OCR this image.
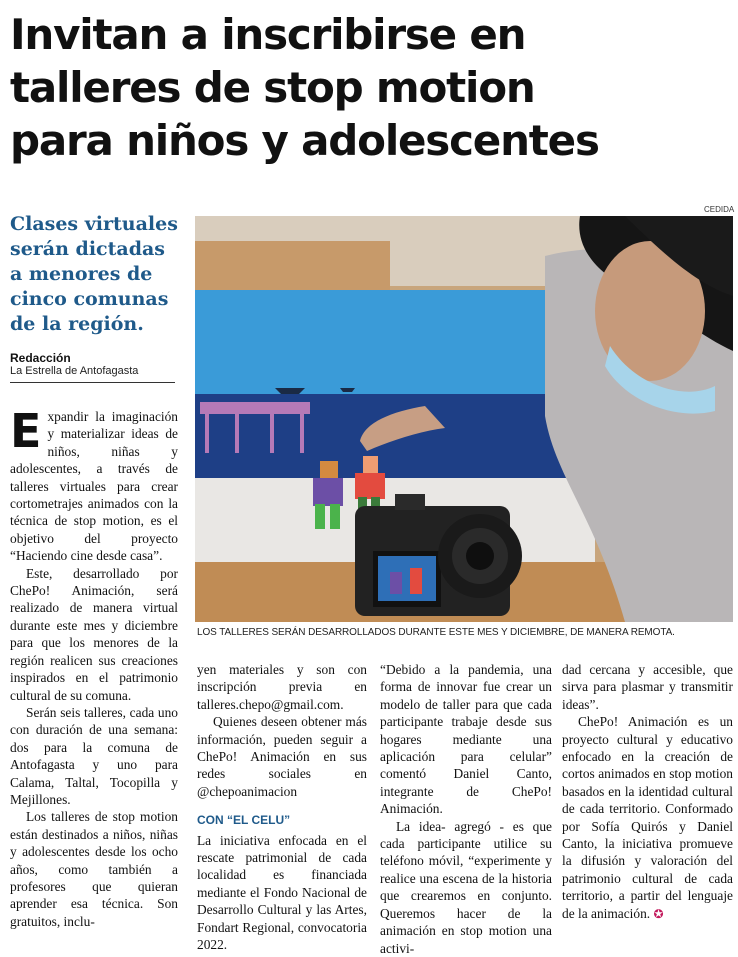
Invitan a inscribirse en
talleres de stop motion
para niños y adolescentes
CEDIDA
Clases virtuales serán dictadas a menores de cinco comunas de la región.
Redacción
La Estrella de Antofagasta
LOS TALLERES SERÁN DESARROLLADOS DURANTE ESTE MES Y DICIEMBRE, DE MANERA REMOTA.

Expandir la imaginación y materializar ideas de niños, niñas y adolescentes, a través de talleres virtuales para crear cortometrajes animados con la técnica de stop motion, es el objetivo del proyecto “Haciendo cine desde casa”.

Este, desarrollado por ChePo! Animación, será realizado de manera virtual durante este mes y diciembre para que los menores de la región realicen sus creaciones inspirados en el patrimonio cultural de su comuna.

Serán seis talleres, cada uno con duración de una semana: dos para la comuna de Antofagasta y uno para Calama, Taltal, Tocopilla y Mejillones.

Los talleres de stop motion están destinados a niños, niñas y adolescentes desde los ocho años, como también a profesores que quieran aprender esa técnica. Son gratuitos, inclu-

yen materiales y son con inscripción previa en talleres.chepo@gmail.com.

Quienes deseen obtener más información, pueden seguir a ChePo! Animación en sus redes sociales en @chepoanimacion

CON “EL CELU”

La iniciativa enfocada en el rescate patrimonial de cada localidad es financiada mediante el Fondo Nacional de Desarrollo Cultural y las Artes, Fondart Regional, convocatoria 2022.

“Debido a la pandemia, una forma de innovar fue crear un modelo de taller para que cada participante trabaje desde sus hogares mediante una aplicación para celular” comentó Daniel Canto, integrante de ChePo! Animación.

La idea- agregó - es que cada participante utilice su teléfono móvil, “experimente y realice una escena de la historia que crearemos en conjunto. Queremos hacer de la animación en stop motion una activi-

dad cercana y accesible, que sirva para plasmar y transmitir ideas”.

ChePo! Animación es un proyecto cultural y educativo enfocado en la creación de cortos animados en stop motion basados en la identidad cultural de cada territorio. Conformado por Sofía Quirós y Daniel Canto, la iniciativa promueve la difusión y valoración del patrimonio cultural de cada territorio, a partir del lenguaje de la animación. ✪
